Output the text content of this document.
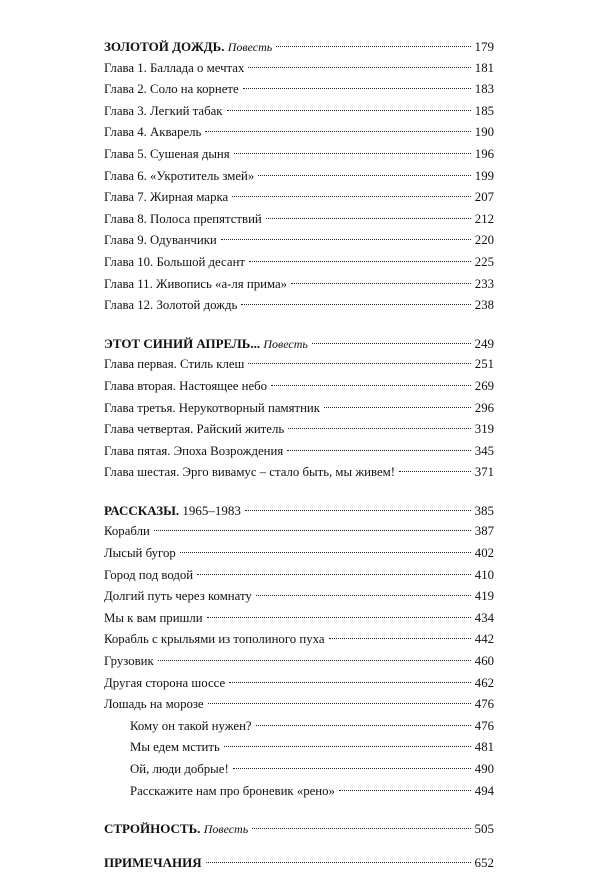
ЗОЛОТОЙ ДОЖДЬ. Повесть	179
Глава 1. Баллада о мечтах	181
Глава 2. Соло на корнете	183
Глава 3. Легкий табак	185
Глава 4. Акварель	190
Глава 5. Сушеная дыня	196
Глава 6. «Укротитель змей»	199
Глава 7. Жирная марка	207
Глава 8. Полоса препятствий	212
Глава 9. Одуванчики	220
Глава 10. Большой десант	225
Глава 11. Живопись «а-ля прима»	233
Глава 12. Золотой дождь	238
ЭТОТ СИНИЙ АПРЕЛЬ... Повесть	249
Глава первая. Стиль клеш	251
Глава вторая. Настоящее небо	269
Глава третья. Нерукотворный памятник	296
Глава четвертая. Райский житель	319
Глава пятая. Эпоха Возрождения	345
Глава шестая. Эрго вивамус – стало быть, мы живем!	371
РАССКАЗЫ. 1965–1983	385
Корабли	387
Лысый бугор	402
Город под водой	410
Долгий путь через комнату	419
Мы к вам пришли	434
Корабль с крыльями из тополиного пуха	442
Грузовик	460
Другая сторона шоссе	462
Лошадь на морозе	476
Кому он такой нужен?	476
Мы едем мстить	481
Ой, люди добрые!	490
Расскажите нам про броневик «рено»	494
СТРОЙНОСТЬ. Повесть	505
ПРИМЕЧАНИЯ	652
